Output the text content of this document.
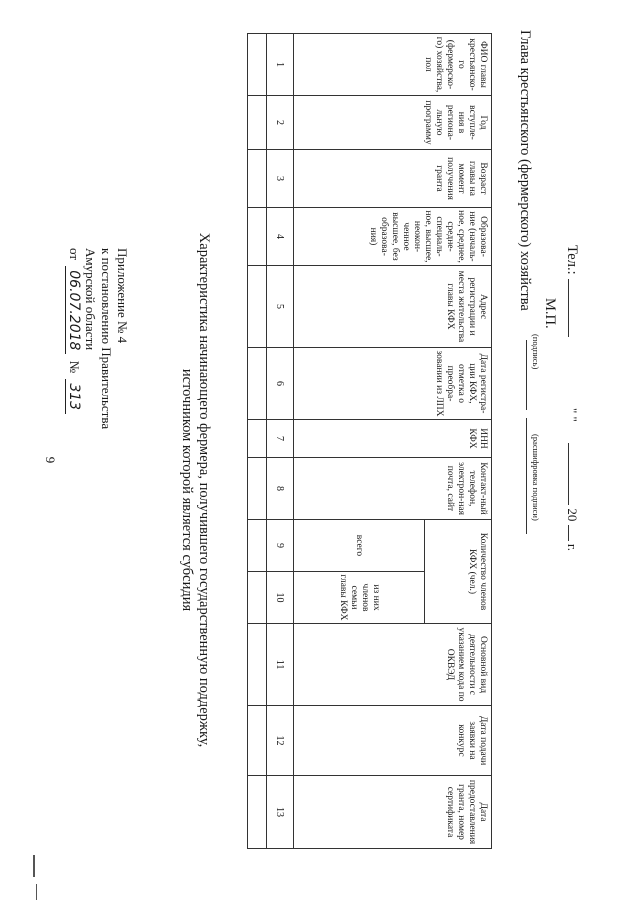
9
Приложение № 4
к постановлению Правительства
Амурской области
от 06.07.2018 № 313	Характеристика начинающего фермера, получившего государственную поддержку,
источником которой является субсидия
ФИО главы крестьянско-го (фермерско-го) хозяйства, пол	Год вступле-ния в региона-льную программу	Возраст главы на момент получения гранта	Образова-ние (началь-ное, среднее, средне-специаль-ное, высшее, неокон-ченное высшее, без образова-ния)	Адрес регистрации и места жительства главы КФХ	Дата регистра-ции КФХ, отметка о преобра-зовании из ЛПХ	ИНН КФХ	Контакт-ный телефон, электрон-ная почта, сайт	Количество членов КФХ (чел.)		Основной вид деятельности с указанием кода по ОКВЭД	Дата подачи заявки на конкурс	Дата предоставления гранта, номер сертификата
								всего	из них членов семьи главы КФХ			
1	2	3	4	5	6	7	8	9	10	11	12	13

Глава крестьянского (фермерского) хозяйства
(подпись)
(расшифровка подписи)
М.П.
Тел.:
" "  20  г.
